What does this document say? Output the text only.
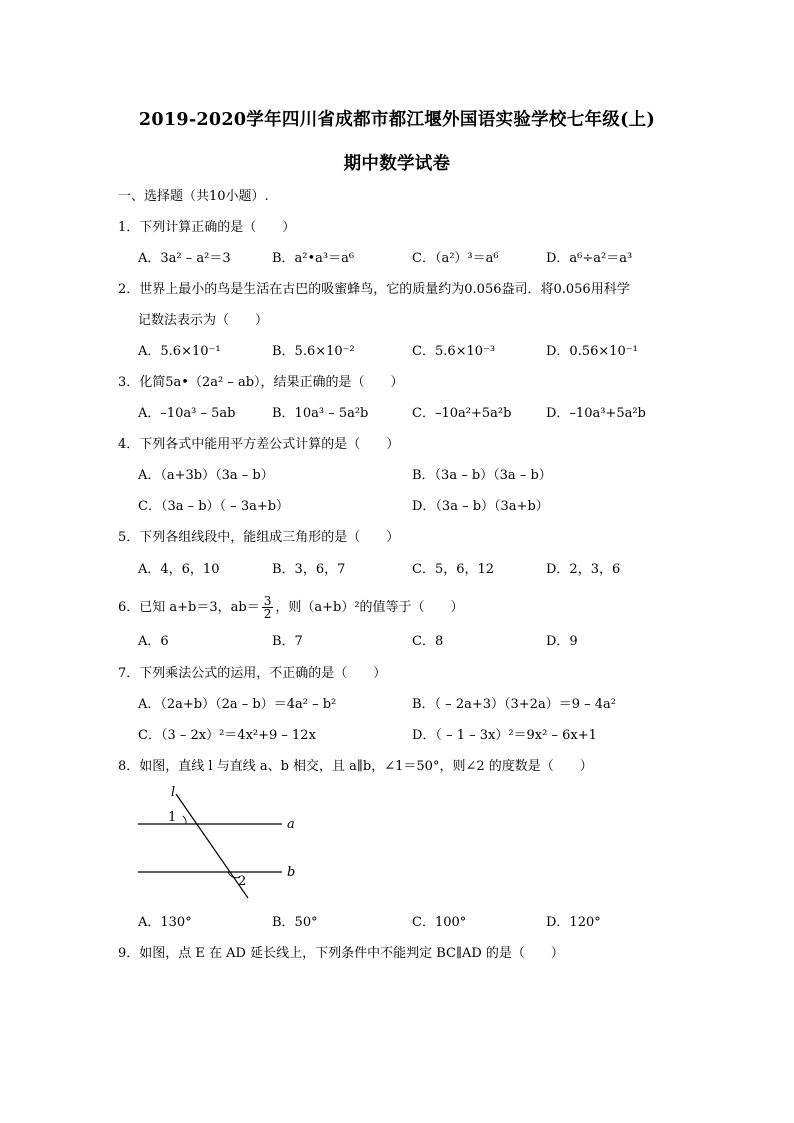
2019-2020学年四川省成都市都江堰外国语实验学校七年级(上)
期中数学试卷
一、选择题（共10小题）.
1．下列计算正确的是（　　）
A．3a² – a²＝3	B．a²•a³＝a⁶	C．（a²）³＝a⁶	D．a⁶÷a²＝a³
2．世界上最小的鸟是生活在古巴的吸蜜蜂鸟，它的质量约为0.056盎司．将0.056用科学
记数法表示为（　　）
A．5.6×10⁻¹	B．5.6×10⁻²	C．5.6×10⁻³	D．0.56×10⁻¹
3．化简5a•（2a² – ab），结果正确的是（　　）
A．–10a³ – 5ab	B．10a³ – 5a²b	C．–10a²+5a²b	D．–10a³+5a²b
4．下列各式中能用平方差公式计算的是（　　）
A．（a+3b）（3a – b）	B．（3a – b）（3a – b）
C．（3a – b）（ – 3a+b）	D．（3a – b）（3a+b）
5．下列各组线段中，能组成三角形的是（　　）
A．4，6，10	B．3，6，7	C．5，6，12	D．2，3，6
6．已知 a+b＝3，$ab= \frac{3}{2}$ ，则（a+b）²的值等于（　　）
A．6	B．7	C．8	D．9
7．下列乘法公式的运用，不正确的是（　　）
A．（2a+b）（2a – b）＝4a² – b²	B．（ – 2a+3）（3+2a）＝9 – 4a²
C．（3 – 2x）²＝4x²+9 – 12x	D．（ – 1 – 3x）²＝9x² – 6x+1
8．如图，直线 l 与直线 a、b 相交，且 a∥b，∠1＝50°，则∠2 的度数是（　　）
l
a
b
1
2
A．130°	B．50°	C．100°	D．120°
9．如图，点 E 在 AD 延长线上，下列条件中不能判定 BC∥AD 的是（　　）
